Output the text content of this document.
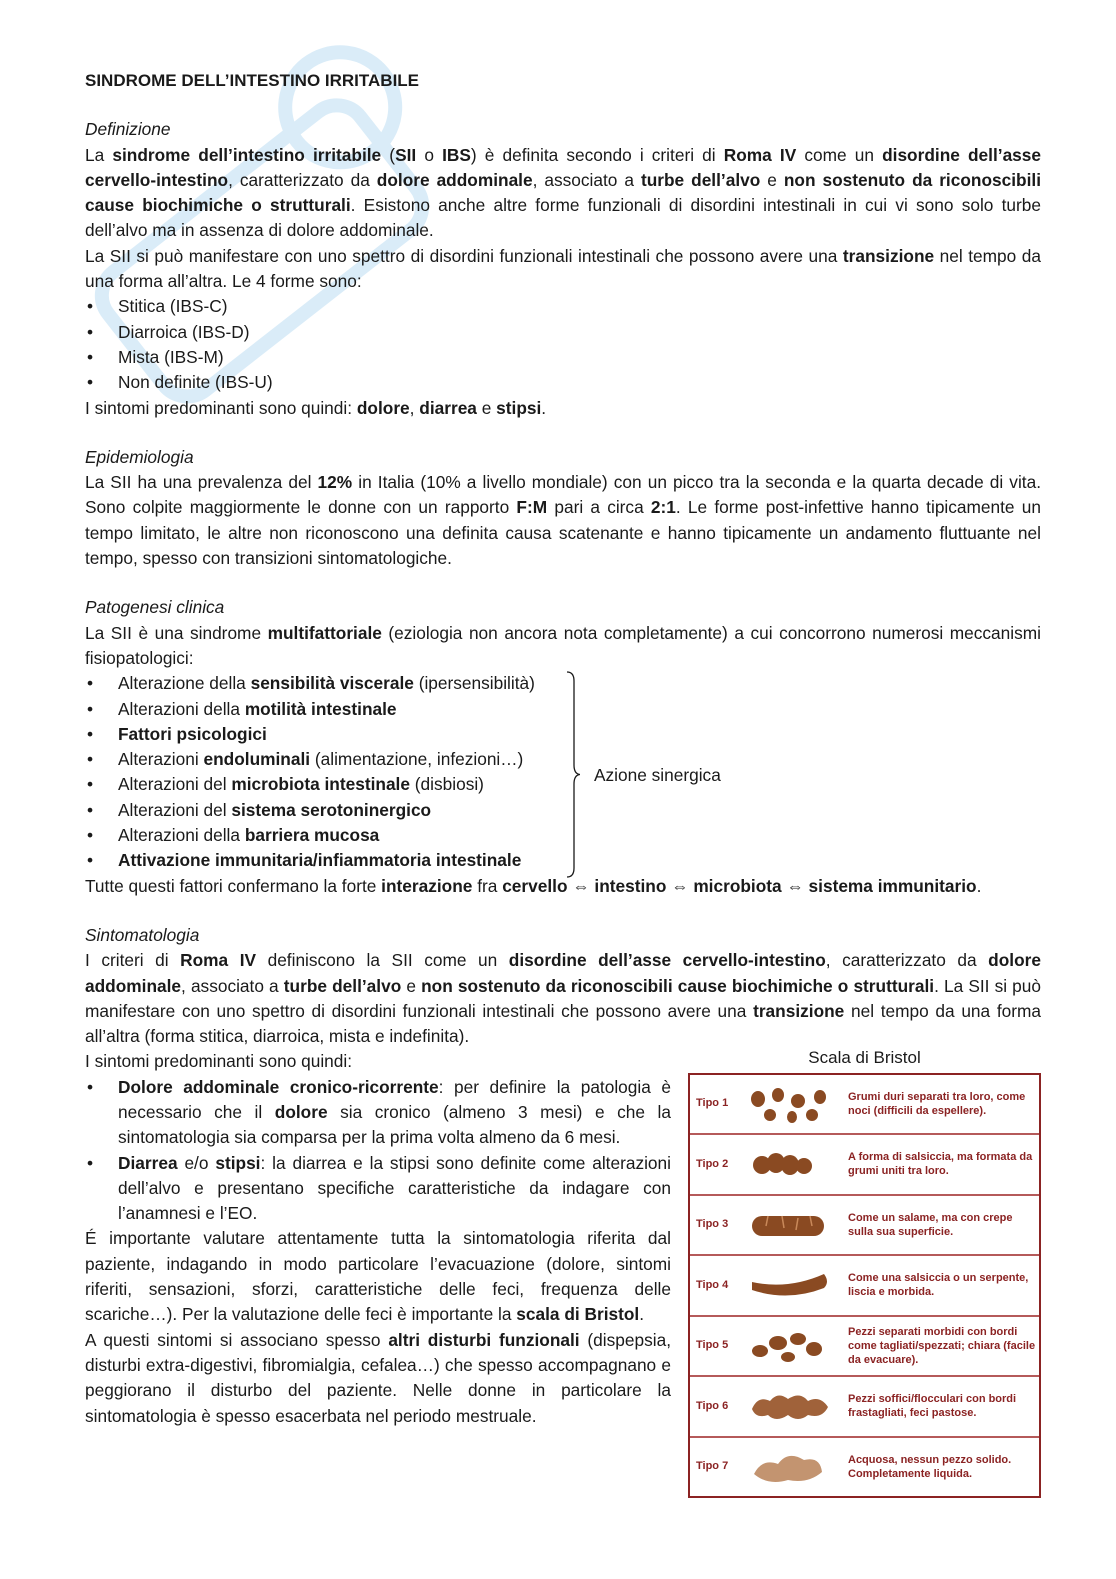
SINDROME DELL’INTESTINO IRRITABILE
Definizione

La sindrome dell’intestino irritabile (SII o IBS) è definita secondo i criteri di Roma IV come un disordine dell’asse cervello-intestino, caratterizzato da dolore addominale, associato a turbe dell’alvo e non sostenuto da riconoscibili cause biochimiche o strutturali. Esistono anche altre forme funzionali di disordini intestinali in cui vi sono solo turbe dell’alvo ma in assenza di dolore addominale.

La SII si può manifestare con uno spettro di disordini funzionali intestinali che possono avere una transizione nel tempo da una forma all’altra. Le 4 forme sono:

• Stitica (IBS-C)
• Diarroica (IBS-D)
• Mista (IBS-M)
• Non definite (IBS-U)

I sintomi predominanti sono quindi: dolore, diarrea e stipsi.

Epidemiologia

La SII ha una prevalenza del 12% in Italia (10% a livello mondiale) con un picco tra la seconda e la quarta decade di vita. Sono colpite maggiormente le donne con un rapporto F:M pari a circa 2:1. Le forme post-infettive hanno tipicamente un tempo limitato, le altre non riconoscono una definita causa scatenante e hanno tipicamente un andamento fluttuante nel tempo, spesso con transizioni sintomatologiche.

Patogenesi clinica

La SII è una sindrome multifattoriale (eziologia non ancora nota completamente) a cui concorrono numerosi meccanismi fisiopatologici:

• Alterazione della sensibilità viscerale (ipersensibilità)
• Alterazioni della motilità intestinale
• Fattori psicologici
• Alterazioni endoluminali (alimentazione, infezioni…)
• Alterazioni del microbiota intestinale (disbiosi)
• Alterazioni del sistema serotoninergico
• Alterazioni della barriera mucosa
• Attivazione immunitaria/infiammatoria intestinale
Azione sinergica

Tutte questi fattori confermano la forte interazione fra cervello ⇔ intestino ⇔ microbiota ⇔ sistema immunitario.

Sintomatologia

I criteri di Roma IV definiscono la SII come un disordine dell’asse cervello-intestino, caratterizzato da dolore addominale, associato a turbe dell’alvo e non sostenuto da riconoscibili cause biochimiche o strutturali. La SII si può manifestare con uno spettro di disordini funzionali intestinali che possono avere una transizione nel tempo da una forma all’altra (forma stitica, diarroica, mista e indefinita).

I sintomi predominanti sono quindi:

• Dolore addominale cronico-ricorrente: per definire la patologia è necessario che il dolore sia cronico (almeno 3 mesi) e che la sintomatologia sia comparsa per la prima volta almeno da 6 mesi.
• Diarrea e/o stipsi: la diarrea e la stipsi sono definite come alterazioni dell’alvo e presentano specifiche caratteristiche da indagare con l’anamnesi e l’EO.

É importante valutare attentamente tutta la sintomatologia riferita dal paziente, indagando in modo particolare l’evacuazione (dolore, sintomi riferiti, sensazioni, sforzi, caratteristiche delle feci, frequenza delle scariche…). Per la valutazione delle feci è importante la scala di Bristol.

A questi sintomi si associano spesso altri disturbi funzionali (dispepsia, disturbi extra-digestivi, fibromialgia, cefalea…) che spesso accompagnano e peggiorano il disturbo del paziente. Nelle donne in particolare la sintomatologia è spesso esacerbata nel periodo mestruale.

Scala di Bristol
Tipo 1
Grumi duri separati tra loro, come noci (difficili da espellere).
Tipo 2
A forma di salsiccia, ma formata da grumi uniti tra loro.
Tipo 3
Come un salame, ma con crepe sulla sua superficie.
Tipo 4
Come una salsiccia o un serpente, liscia e morbida.
Tipo 5
Pezzi separati morbidi con bordi come tagliati/spezzati; chiara (facile da evacuare).
Tipo 6
Pezzi soffici/flocculari con bordi frastagliati, feci pastose.
Tipo 7
Acquosa, nessun pezzo solido. Completamente liquida.
